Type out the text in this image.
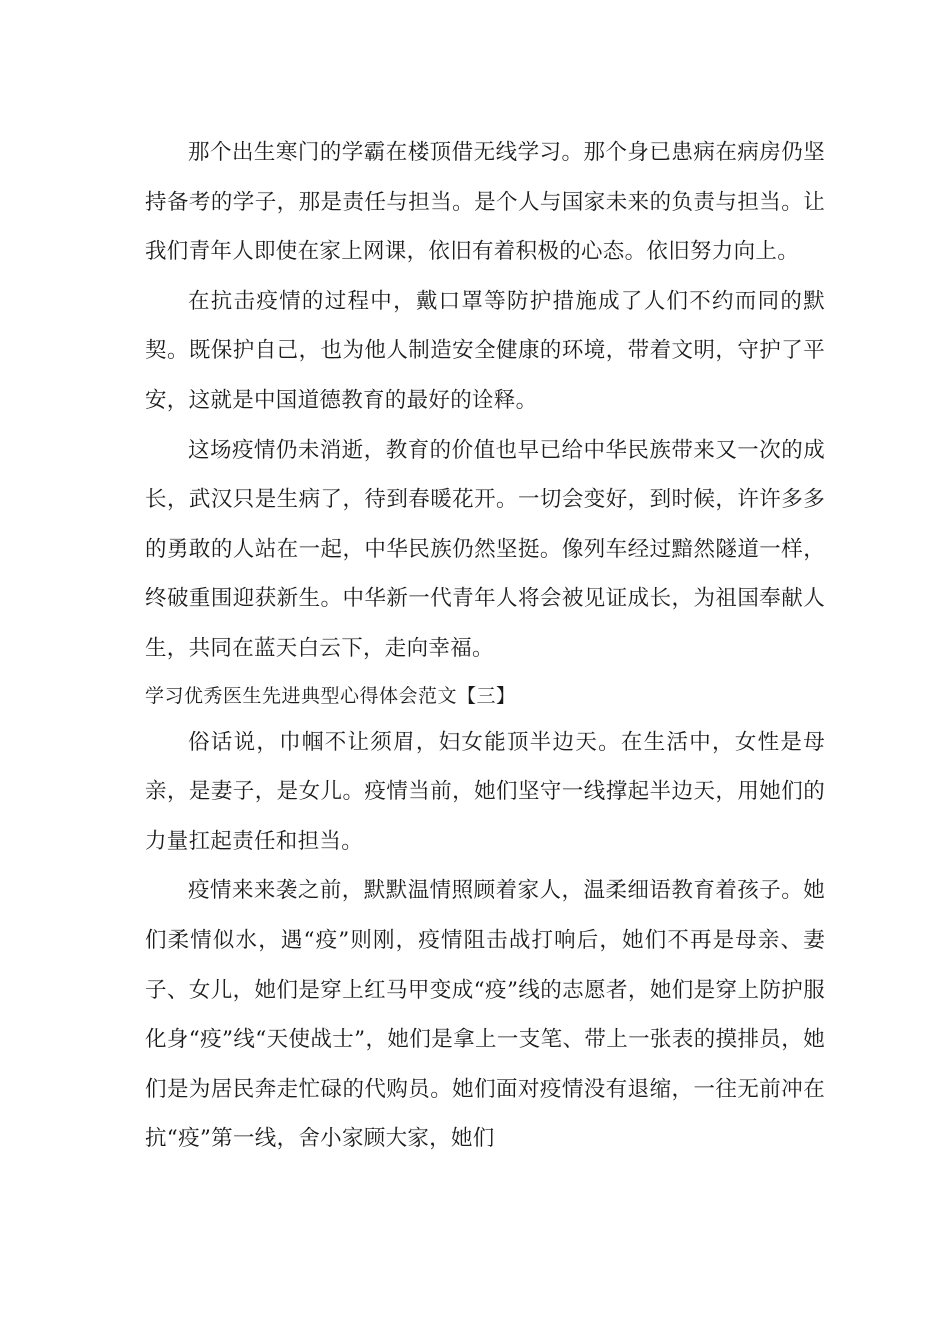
那个出生寒门的学霸在楼顶借无线学习。那个身已患病在病房仍坚持备考的学子，那是责任与担当。是个人与国家未来的负责与担当。让我们青年人即使在家上网课，依旧有着积极的心态。依旧努力向上。

在抗击疫情的过程中，戴口罩等防护措施成了人们不约而同的默契。既保护自己，也为他人制造安全健康的环境，带着文明，守护了平安，这就是中国道德教育的最好的诠释。

这场疫情仍未消逝，教育的价值也早已给中华民族带来又一次的成长，武汉只是生病了，待到春暖花开。一切会变好，到时候，许许多多的勇敢的人站在一起，中华民族仍然坚挺。像列车经过黯然隧道一样，终破重围迎获新生。中华新一代青年人将会被见证成长，为祖国奉献人生，共同在蓝天白云下，走向幸福。

学习优秀医生先进典型心得体会范文【三】

俗话说，巾帼不让须眉，妇女能顶半边天。在生活中，女性是母亲，是妻子，是女儿。疫情当前，她们坚守一线撑起半边天，用她们的力量扛起责任和担当。

疫情来来袭之前，默默温情照顾着家人，温柔细语教育着孩子。她们柔情似水，遇“疫”则刚，疫情阻击战打响后，她们不再是母亲、妻子、女儿，她们是穿上红马甲变成“疫”线的志愿者，她们是穿上防护服化身“疫”线“天使战士”，她们是拿上一支笔、带上一张表的摸排员，她们是为居民奔走忙碌的代购员。她们面对疫情没有退缩，一往无前冲在抗“疫”第一线，舍小家顾大家，她们
